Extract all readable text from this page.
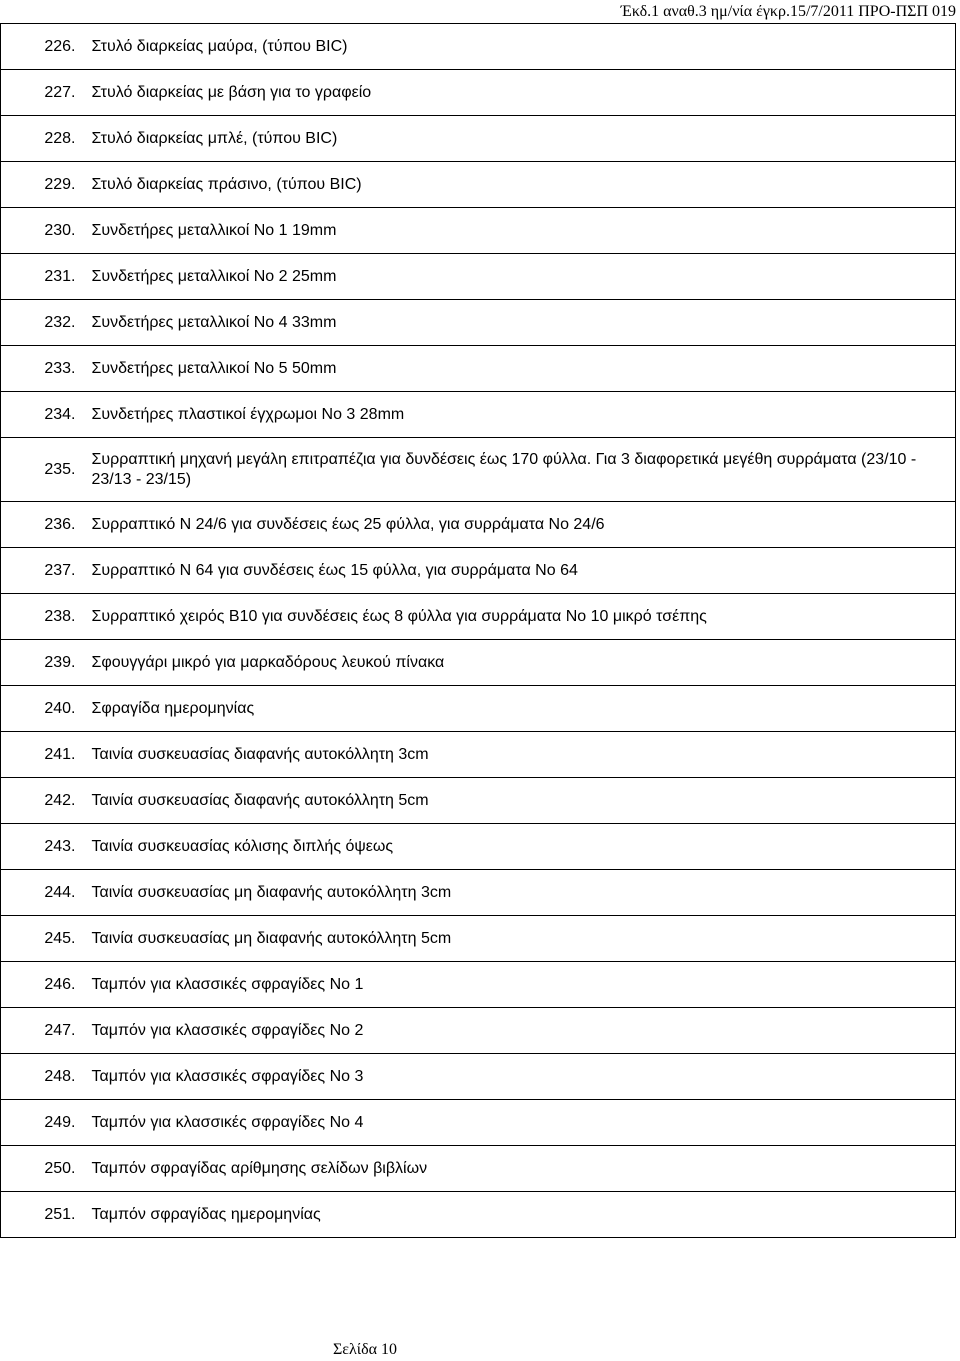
Έκδ.1 αναθ.3 ημ/νία έγκρ.15/7/2011 ΠΡΟ-ΠΣΠ 019
226.	Στυλό διαρκείας μαύρα, (τύπου BIC)
227.	Στυλό διαρκείας με βάση για το γραφείο
228.	Στυλό διαρκείας μπλέ, (τύπου BIC)
229.	Στυλό διαρκείας πράσινο, (τύπου BIC)
230.	Συνδετήρες μεταλλικοί Νο 1 19mm
231.	Συνδετήρες μεταλλικοί Νο 2 25mm
232.	Συνδετήρες μεταλλικοί Νο 4 33mm
233.	Συνδετήρες μεταλλικοί Νο 5 50mm
234.	Συνδετήρες πλαστικοί έγχρωμοι Νο 3 28mm
235.	Συρραπτική μηχανή μεγάλη επιτραπέζια για δυνδέσεις έως 170 φύλλα. Για 3 διαφορετικά μεγέθη συρράματα (23/10 - 23/13 - 23/15)
236.	Συρραπτικό Ν 24/6 για συνδέσεις έως 25 φύλλα, για συρράματα Νο 24/6
237.	Συρραπτικό Ν 64 για συνδέσεις έως 15 φύλλα, για συρράματα Νο 64
238.	Συρραπτικό χειρός Β10 για συνδέσεις έως 8 φύλλα για συρράματα Νο 10 μικρό τσέπης
239.	Σφουγγάρι μικρό για μαρκαδόρους λευκού πίνακα
240.	Σφραγίδα ημερομηνίας
241.	Ταινία συσκευασίας διαφανής αυτοκόλλητη 3cm
242.	Ταινία συσκευασίας διαφανής αυτοκόλλητη 5cm
243.	Ταινία συσκευασίας κόλισης διπλής όψεως
244.	Ταινία συσκευασίας μη διαφανής αυτοκόλλητη 3cm
245.	Ταινία συσκευασίας μη διαφανής αυτοκόλλητη 5cm
246.	Ταμπόν για κλασσικές σφραγίδες Νο 1
247.	Ταμπόν για κλασσικές σφραγίδες Νο 2
248.	Ταμπόν για κλασσικές σφραγίδες Νο 3
249.	Ταμπόν για κλασσικές σφραγίδες Νο 4
250.	Ταμπόν σφραγίδας αρίθμησης σελίδων βιβλίων
251.	Ταμπόν σφραγίδας ημερομηνίας
Σελίδα 10
